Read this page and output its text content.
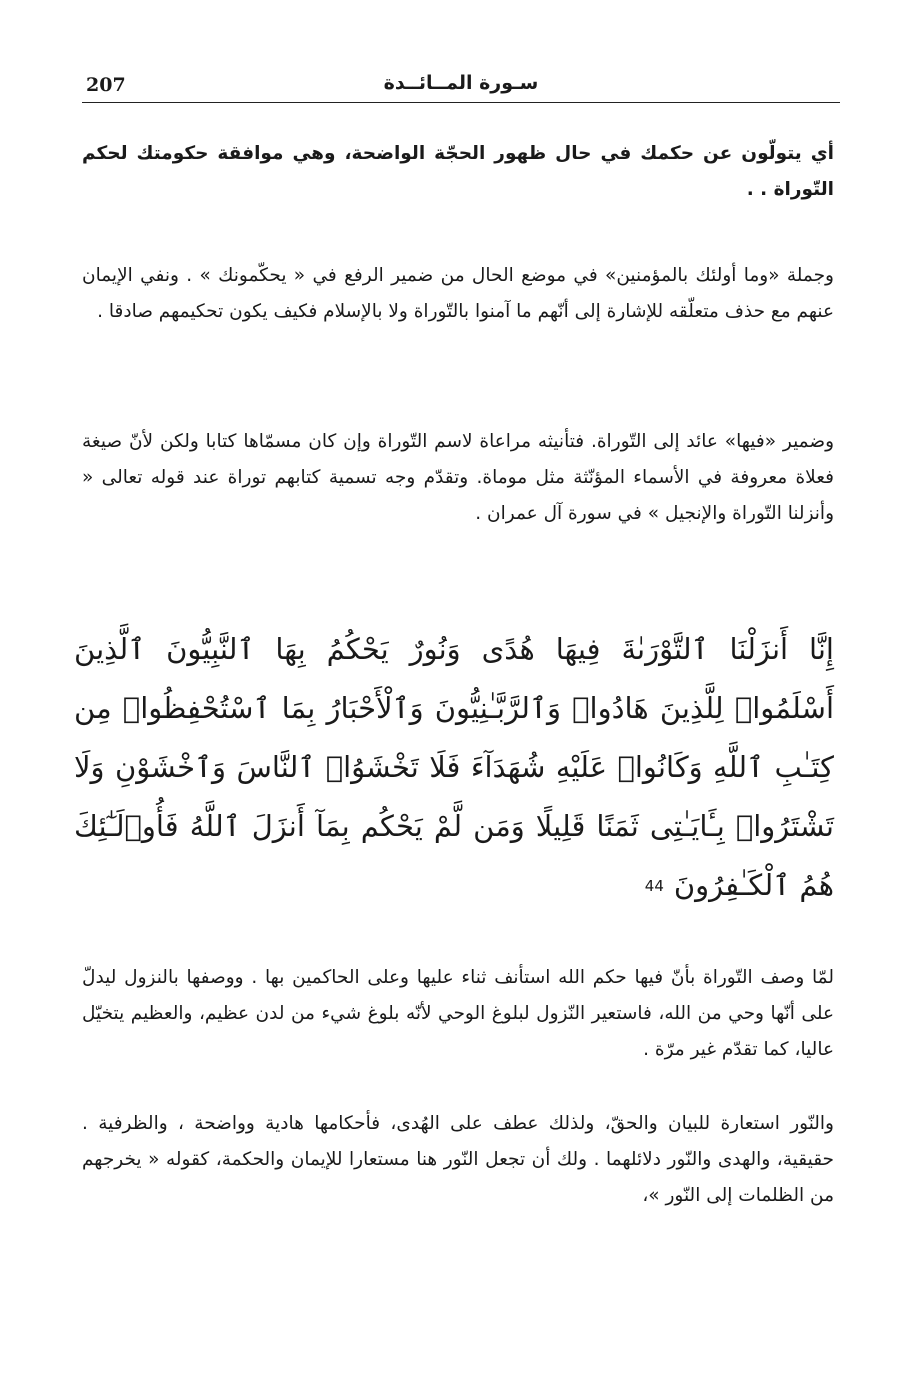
207	سـورة المــائــدة

أي يتولّون عن حكمك في حال ظهور الحجّة الواضحة، وهي موافقة حكومتك لحكم التّوراة . .

وجملة «وما أولئك بالمؤمنين» في موضع الحال من ضمير الرفع في « يحكّمونك » . ونفي الإيمان عنهم مع حذف متعلّقه للإشارة إلى أنّهم ما آمنوا بالتّوراة ولا بالإسلام فكيف يكون تحكيمهم صادقا .

وضمير «فيها» عائد إلى التّوراة. فتأنيثه مراعاة لاسم التّوراة وإن كان مسمّاها كتابا ولكن لأنّ صيغة فعلاة معروفة في الأسماء المؤنّثة مثل موماة. وتقدّم وجه تسمية كتابهم توراة عند قوله تعالى « وأنزلنا التّوراة والإنجيل » في سورة آل عمران .

إِنَّا أَنزَلْنَا ٱلتَّوْرَىٰةَ فِيهَا هُدًى وَنُورٌ يَحْكُمُ بِهَا ٱلنَّبِيُّونَ ٱلَّذِينَ أَسْلَمُوا۟ لِلَّذِينَ هَادُوا۟ وَٱلرَّبَّـٰنِيُّونَ وَٱلْأَحْبَارُ بِمَا ٱسْتُحْفِظُوا۟ مِن كِتَـٰبِ ٱللَّهِ وَكَانُوا۟ عَلَيْهِ شُهَدَآءَ فَلَا تَخْشَوُا۟ ٱلنَّاسَ وَٱخْشَوْنِ وَلَا تَشْتَرُوا۟ بِـَٔايَـٰتِى ثَمَنًا قَلِيلًا وَمَن لَّمْ يَحْكُم بِمَآ أَنزَلَ ٱللَّهُ فَأُو۟لَـٰٓئِكَ هُمُ ٱلْكَـٰفِرُونَ44

لمّا وصف التّوراة بأنّ فيها حكم الله استأنف ثناء عليها وعلى الحاكمين بها . ووصفها بالنزول ليدلّ على أنّها وحي من الله، فاستعير النّزول لبلوغ الوحي لأنّه بلوغ شيء من لدن عظيم، والعظيم يتخيّل عاليا، كما تقدّم غير مرّة .

والنّور استعارة للبيان والحقّ، ولذلك عطف على الهُدى، فأحكامها هادية وواضحة ، والظرفية . حقيقية، والهدى والنّور دلائلهما . ولك أن تجعل النّور هنا مستعارا للإيمان والحكمة، كقوله « يخرجهم من الظلمات إلى النّور »،
